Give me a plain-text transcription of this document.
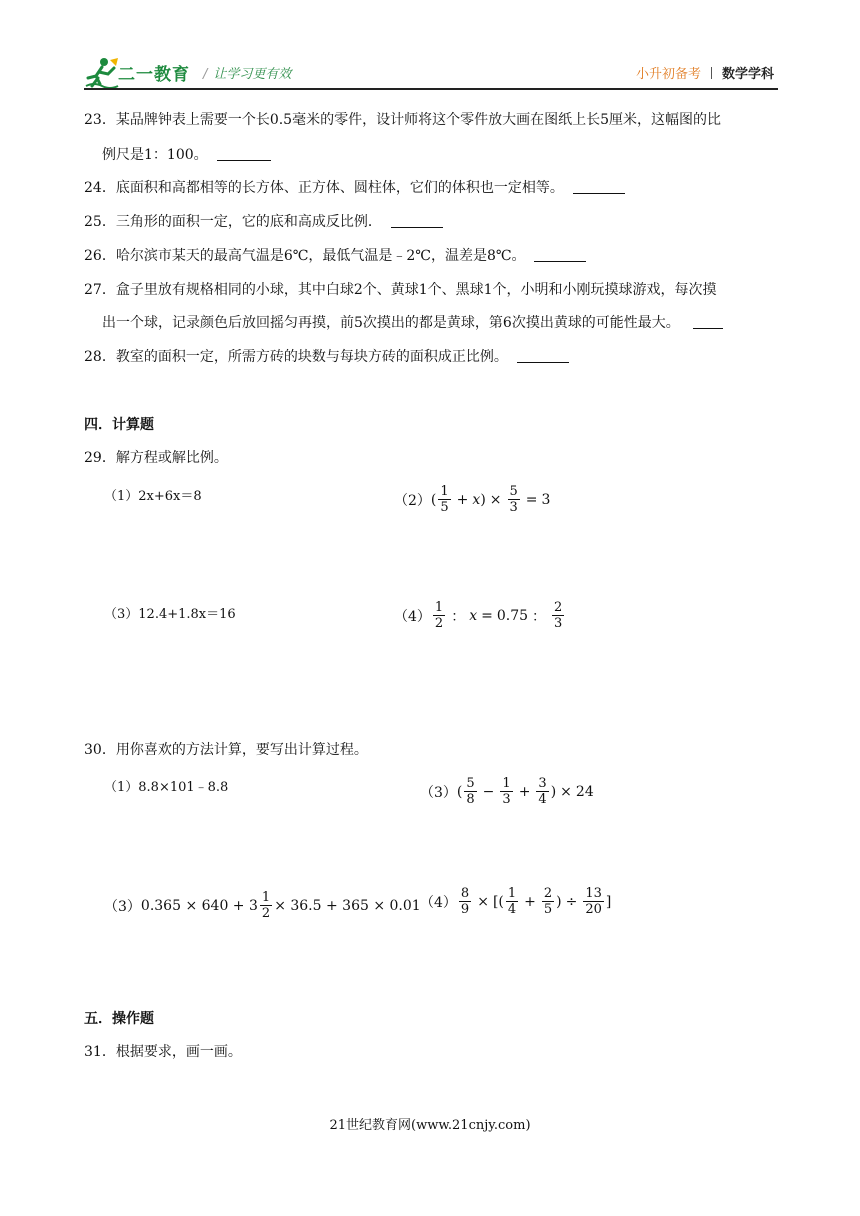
二一教育 / 让学习更有效	小升初备考 数学学科
23．某品牌钟表上需要一个长0.5毫米的零件，设计师将这个零件放大画在图纸上长5厘米，这幅图的比
例尺是1：100。
24．底面积和高都相等的长方体、正方体、圆柱体，它们的体积也一定相等。
25．三角形的面积一定，它的底和高成反比例．
26．哈尔滨市某天的最高气温是6℃，最低气温是﹣2℃，温差是8℃。
27．盒子里放有规格相同的小球，其中白球2个、黄球1个、黑球1个，小明和小刚玩摸球游戏，每次摸
出一个球，记录颜色后放回摇匀再摸，前5次摸出的都是黄球，第6次摸出黄球的可能性最大。
28．教室的面积一定，所需方砖的块数与每块方砖的面积成正比例。
四．计算题
29．解方程或解比例。
（1）2x+6x＝8	（2） ( $\frac{1}{5} + x$ ) × $\frac{5}{3} = 3$
（3）12.4+1.8x＝16	$(4) \frac{1}{2}$ ： x = 0.75 ： $\frac{2}{3}$
30．用你喜欢的方法计算，要写出计算过程。
（1）8.8×101﹣8.8	（3） ( $\frac{5}{8} - \frac{1}{3} + \frac{3}{4}$ ) × 24
（3） $0.365 \times 640 + 3 \frac{1}{2} \times 36.5 + 365 \times 0.01$ $(4) \frac{8}{9}$ × [( $\frac{1}{4} + \frac{2}{5}$ ) ÷ $\frac{13}{20}$ ]
五．操作题
31．根据要求，画一画。
21世纪教育网(www.21cnjy.com)
